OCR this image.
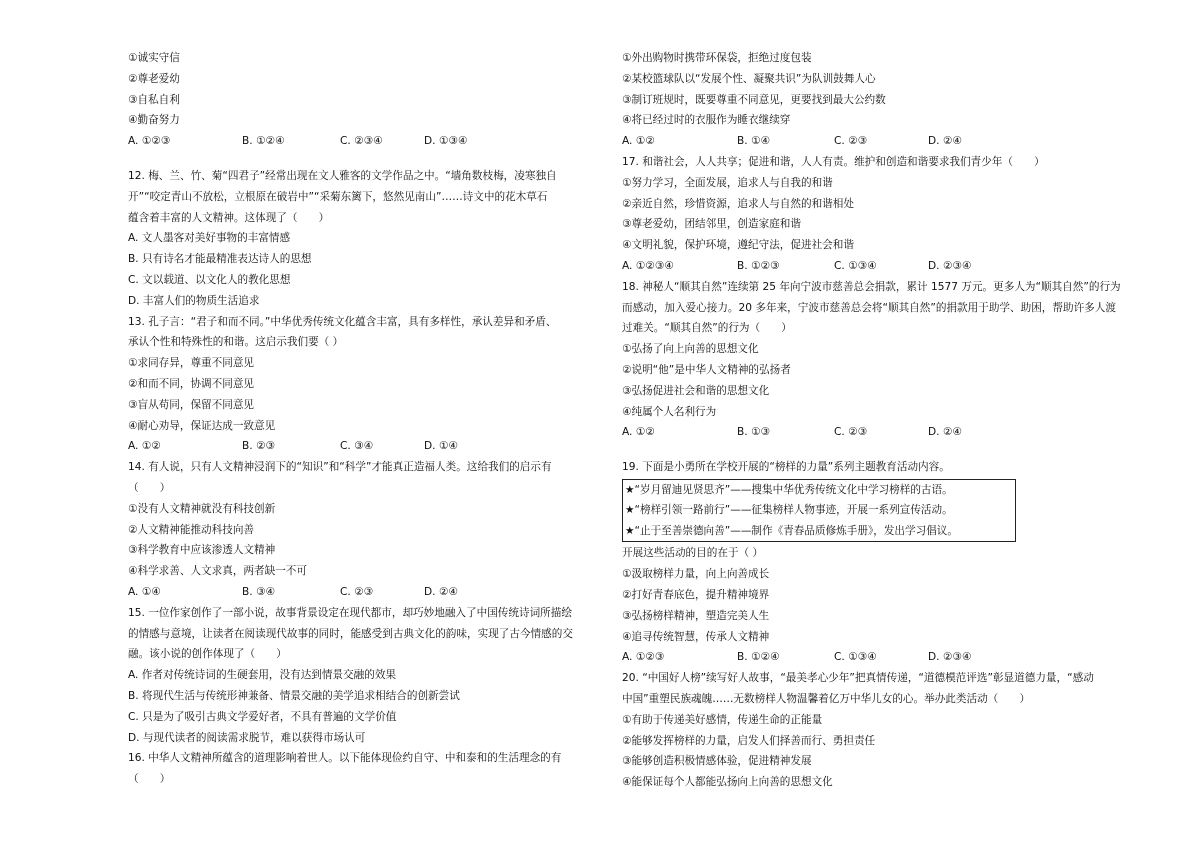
①诚实守信
②尊老爱幼
③自私自利
④勤奋努力
A. ①②③	B. ①②④	C. ②③④	D. ①③④
12. 梅、兰、竹、菊“四君子”经常出现在文人雅客的文学作品之中。“墙角数枝梅，凌寒独自
开”“咬定青山不放松，立根原在破岩中”“采菊东篱下，悠然见南山”……诗文中的花木草石
蕴含着丰富的人文精神。这体现了（　　）
A. 文人墨客对美好事物的丰富情感
B. 只有诗名才能最精准表达诗人的思想
C. 文以载道、以文化人的教化思想
D. 丰富人们的物质生活追求
13. 孔子言：“君子和而不同。”中华优秀传统文化蕴含丰富，具有多样性，承认差异和矛盾、
承认个性和特殊性的和谐。这启示我们要（ ）
①求同存异，尊重不同意见
②和而不同，协调不同意见
③盲从苟同，保留不同意见
④耐心劝导，保证达成一致意见
A. ①②	B. ②③	C. ③④	D. ①④
14. 有人说，只有人文精神浸润下的“知识”和“科学”才能真正造福人类。这给我们的启示有
（　　）
①没有人文精神就没有科技创新
②人文精神能推动科技向善
③科学教育中应该渗透人文精神
④科学求善、人文求真，两者缺一不可
A. ①④	B. ③④	C. ②③	D. ②④
15. 一位作家创作了一部小说，故事背景设定在现代都市，却巧妙地融入了中国传统诗词所描绘
的情感与意境，让读者在阅读现代故事的同时，能感受到古典文化的韵味，实现了古今情感的交
融。该小说的创作体现了（　　）
A. 作者对传统诗词的生硬套用，没有达到情景交融的效果
B. 将现代生活与传统形神兼备、情景交融的美学追求相结合的创新尝试
C. 只是为了吸引古典文学爱好者，不具有普遍的文学价值
D. 与现代读者的阅读需求脱节，难以获得市场认可
16. 中华人文精神所蕴含的道理影响着世人。以下能体现俭约自守、中和泰和的生活理念的有
（　　）
①外出购物时携带环保袋，拒绝过度包装
②某校篮球队以“发展个性、凝聚共识”为队训鼓舞人心
③制订班规时，既要尊重不同意见，更要找到最大公约数
④将已经过时的衣服作为睡衣继续穿
A. ①②	B. ①④	C. ②③	D. ②④
17. 和谐社会，人人共享；促进和谐，人人有责。维护和创造和谐要求我们青少年（　　）
①努力学习，全面发展，追求人与自我的和谐
②亲近自然，珍惜资源，追求人与自然的和谐相处
③尊老爱幼，团结邻里，创造家庭和谐
④文明礼貌，保护环境，遵纪守法，促进社会和谐
A. ①②③④	B. ①②③	C. ①③④	D. ②③④
18. 神秘人“顺其自然”连续第 25 年向宁波市慈善总会捐款，累计 1577 万元。更多人为“顺其自然”的行为
而感动，加入爱心接力。20 多年来，宁波市慈善总会将“顺其自然”的捐款用于助学、助困，帮助许多人渡
过难关。“顺其自然”的行为（　　）
①弘扬了向上向善的思想文化
②说明“他”是中华人文精神的弘扬者
③弘扬促进社会和谐的思想文化
④纯属个人名利行为
A. ①②	B. ①③	C. ②③	D. ②④
19. 下面是小勇所在学校开展的“榜样的力量”系列主题教育活动内容。
★“岁月留迪见贤思齐”——搜集中华优秀传统文化中学习榜样的古语。
★“榜样引领一路前行”——征集榜样人物事迹，开展一系列宣传活动。
★“止于至善崇德向善”——制作《青春品质修炼手册》，发出学习倡议。
开展这些活动的目的在于（ ）
①汲取榜样力量，向上向善成长
②打好青春底色，提升精神境界
③弘扬榜样精神，塑造完美人生
④追寻传统智慧，传承人文精神
A. ①②③	B. ①②④	C. ①③④	D. ②③④
20. “中国好人榜”续写好人故事，“最美孝心少年”把真情传递，“道德模范评选”彰显道德力量，“感动
中国”重塑民族魂魄……无数榜样人物温馨着亿万中华儿女的心。举办此类活动（　　）
①有助于传递美好感情，传递生命的正能量
②能够发挥榜样的力量，启发人们择善而行、勇担责任
③能够创造积极情感体验，促进精神发展
④能保证每个人都能弘扬向上向善的思想文化
